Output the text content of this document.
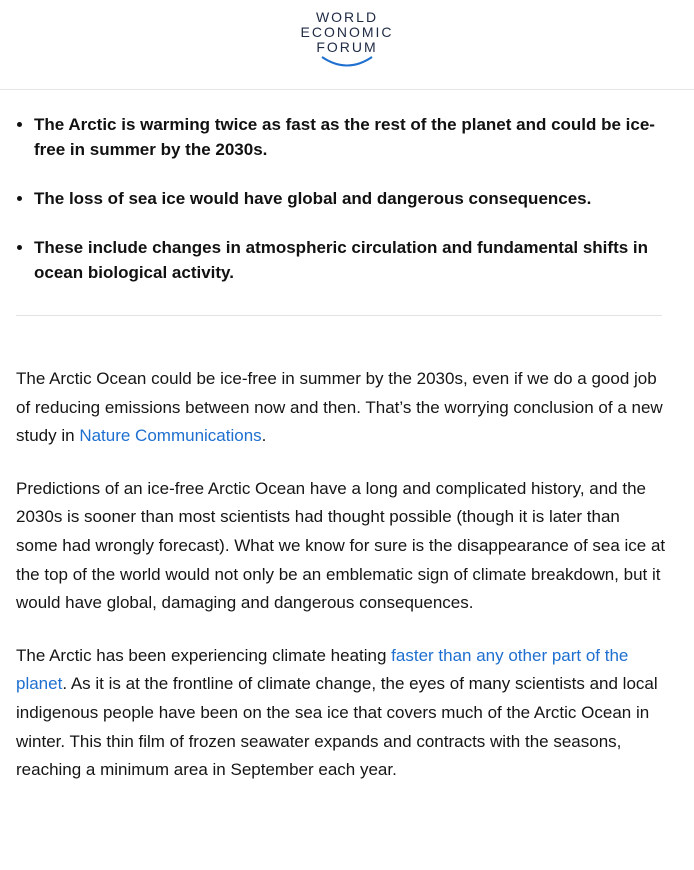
WORLD
ECONOMIC
FORUM
• The Arctic is warming twice as fast as the rest of the planet and could be ice-free in summer by the 2030s.
• The loss of sea ice would have global and dangerous consequences.
• These include changes in atmospheric circulation and fundamental shifts in ocean biological activity.

The Arctic Ocean could be ice-free in summer by the 2030s, even if we do a good job of reducing emissions between now and then. That’s the worrying conclusion of a new study in Nature Communications.

Predictions of an ice-free Arctic Ocean have a long and complicated history, and the 2030s is sooner than most scientists had thought possible (though it is later than some had wrongly forecast). What we know for sure is the disappearance of sea ice at the top of the world would not only be an emblematic sign of climate breakdown, but it would have global, damaging and dangerous consequences.

The Arctic has been experiencing climate heating faster than any other part of the planet. As it is at the frontline of climate change, the eyes of many scientists and local indigenous people have been on the sea ice that covers much of the Arctic Ocean in winter. This thin film of frozen seawater expands and contracts with the seasons, reaching a minimum area in September each year.
